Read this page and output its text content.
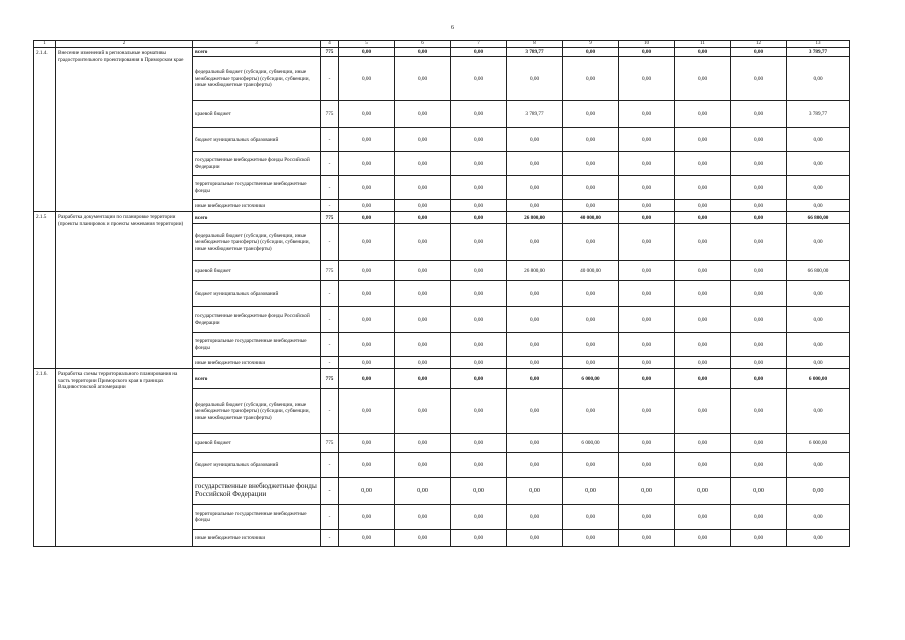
6
1	2	3	4	5	6	7	8	9	10	11	12	13
2.1.4.	Внесение изменений в региональные нормативы градостроительного проектирования в Приморском крае	всего	775	0,00	0,00	0,00	3 789,77	0,00	0,00	0,00	0,00	3 789,77
		федеральный бюджет (субсидии, субвенции, иные межбюджетные трансферты) (субсидии, субвенции, иные межбюджетные трансферты)	-	0,00	0,00	0,00	0,00	0,00	0,00	0,00	0,00	0,00
		краевой бюджет	775	0,00	0,00	0,00	3 789,77	0,00	0,00	0,00	0,00	3 789,77
		бюджет муниципальных образований	-	0,00	0,00	0,00	0,00	0,00	0,00	0,00	0,00	0,00
		государственные внебюджетные фонды Российской Федерации	-	0,00	0,00	0,00	0,00	0,00	0,00	0,00	0,00	0,00
		территориальные государственные внебюджетные фонды	-	0,00	0,00	0,00	0,00	0,00	0,00	0,00	0,00	0,00
		иные внебюджетные источники	-	0,00	0,00	0,00	0,00	0,00	0,00	0,00	0,00	0,00
2.1.5	Разработка документации по планировке территории (проекты планировок и проекты межевания территории)	всего	775	0,00	0,00	0,00	26 800,00	40 000,00	0,00	0,00	0,00	66 800,00
		федеральный бюджет (субсидии, субвенции, иные межбюджетные трансферты) (субсидии, субвенции, иные межбюджетные трансферты)	-	0,00	0,00	0,00	0,00	0,00	0,00	0,00	0,00	0,00
		краевой бюджет	775	0,00	0,00	0,00	26 800,00	40 000,00	0,00	0,00	0,00	66 800,00
		бюджет муниципальных образований	-	0,00	0,00	0,00	0,00	0,00	0,00	0,00	0,00	0,00
		государственные внебюджетные фонды Российской Федерации	-	0,00	0,00	0,00	0,00	0,00	0,00	0,00	0,00	0,00
		территориальные государственные внебюджетные фонды	-	0,00	0,00	0,00	0,00	0,00	0,00	0,00	0,00	0,00
		иные внебюджетные источники	-	0,00	0,00	0,00	0,00	0,00	0,00	0,00	0,00	0,00
2.1.6.	Разработка схемы территориального планирования на часть территории Приморского края в границах Владивостокской агломерации	всего	775	0,00	0,00	0,00	0,00	6 000,00	0,00	0,00	0,00	6 000,00
		федеральный бюджет (субсидии, субвенции, иные межбюджетные трансферты) (субсидии, субвенции, иные межбюджетные трансферты)	-	0,00	0,00	0,00	0,00	0,00	0,00	0,00	0,00	0,00
		краевой бюджет	775	0,00	0,00	0,00	0,00	6 000,00	0,00	0,00	0,00	6 000,00
		бюджет муниципальных образований	-	0,00	0,00	0,00	0,00	0,00	0,00	0,00	0,00	0,00
		государственные внебюджетные фонды Российской Федерации	-	0,00	0,00	0,00	0,00	0,00	0,00	0,00	0,00	0,00
		территориальные государственные внебюджетные фонды	-	0,00	0,00	0,00	0,00	0,00	0,00	0,00	0,00	0,00
		иные внебюджетные источники	-	0,00	0,00	0,00	0,00	0,00	0,00	0,00	0,00	0,00
